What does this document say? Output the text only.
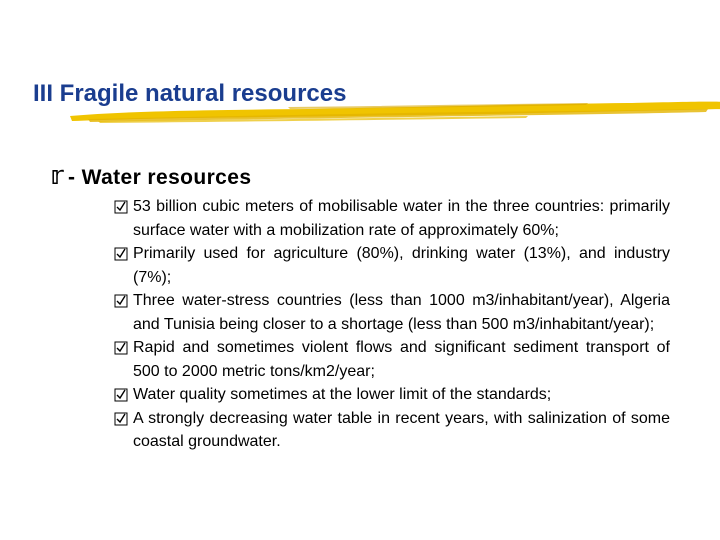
III Fragile natural resources
𝕣 - Water resources
53 billion cubic meters of mobilisable water in the three countries: primarily surface water with a mobilization rate of approximately 60%;
Primarily used for agriculture (80%), drinking water (13%), and industry (7%);
Three water-stress countries (less than 1000 m3/inhabitant/year), Algeria and Tunisia being closer to a shortage (less than 500 m3/inhabitant/year);
Rapid and sometimes violent flows and significant sediment transport of 500 to 2000 metric tons/km2/year;
Water quality sometimes at the lower limit of the standards;
A strongly decreasing water table in recent years, with salinization of some coastal groundwater.
